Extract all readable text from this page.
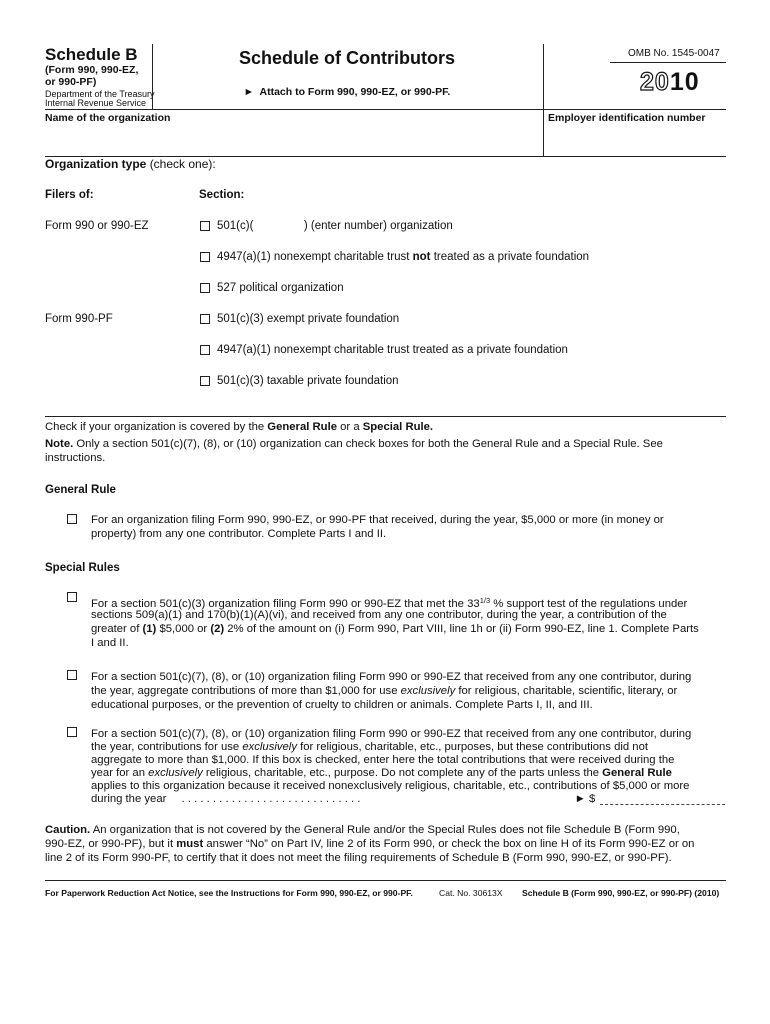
Schedule B
(Form 990, 990-EZ,
or 990-PF)
Department of the Treasury
Internal Revenue Service
Schedule of Contributors
► Attach to Form 990, 990-EZ, or 990-PF.
OMB No. 1545-0047
2010
Name of the organization	Employer identification number
Organization type (check one):
Filers of:	Section:
Form 990 or 990-EZ	501(c)(	) (enter number) organization
4947(a)(1) nonexempt charitable trust not treated as a private foundation
527 political organization
Form 990-PF	501(c)(3) exempt private foundation
4947(a)(1) nonexempt charitable trust treated as a private foundation
501(c)(3) taxable private foundation
Check if your organization is covered by the General Rule or a Special Rule.
Note. Only a section 501(c)(7), (8), or (10) organization can check boxes for both the General Rule and a Special Rule. See
instructions.
General Rule
For an organization filing Form 990, 990-EZ, or 990-PF that received, during the year, $5,000 or more (in money or
property) from any one contributor. Complete Parts I and II.
Special Rules
For a section 501(c)(3) organization filing Form 990 or 990-EZ that met the $33^{1/3}$ % support test of the regulations under
sections 509(a)(1) and 170(b)(1)(A)(vi), and received from any one contributor, during the year, a contribution of the
greater of (1) $5,000 or (2) 2% of the amount on (i) Form 990, Part VIII, line 1h or (ii) Form 990-EZ, line 1. Complete Parts
I and II.
For a section 501(c)(7), (8), or (10) organization filing Form 990 or 990-EZ that received from any one contributor, during
the year, aggregate contributions of more than $1,000 for use exclusively for religious, charitable, scientific, literary, or
educational purposes, or the prevention of cruelty to children or animals. Complete Parts I, II, and III.
For a section 501(c)(7), (8), or (10) organization filing Form 990 or 990-EZ that received from any one contributor, during
the year, contributions for use exclusively for religious, charitable, etc., purposes, but these contributions did not
aggregate to more than $1,000. If this box is checked, enter here the total contributions that were received during the
year for an exclusively religious, charitable, etc., purpose. Do not complete any of the parts unless the General Rule
applies to this organization because it received nonexclusively religious, charitable, etc., contributions of $5,000 or more
during the year . . . . . . . . . . . . . . . . . . . . . . . . . . . . .	► $
Caution. An organization that is not covered by the General Rule and/or the Special Rules does not file Schedule B (Form 990,
990-EZ, or 990-PF), but it must answer “No” on Part IV, line 2 of its Form 990, or check the box on line H of its Form 990-EZ or on
line 2 of its Form 990-PF, to certify that it does not meet the filing requirements of Schedule B (Form 990, 990-EZ, or 990-PF).
For Paperwork Reduction Act Notice, see the Instructions for Form 990, 990-EZ, or 990-PF.	Cat. No. 30613X Schedule B (Form 990, 990-EZ, or 990-PF) (2010)
